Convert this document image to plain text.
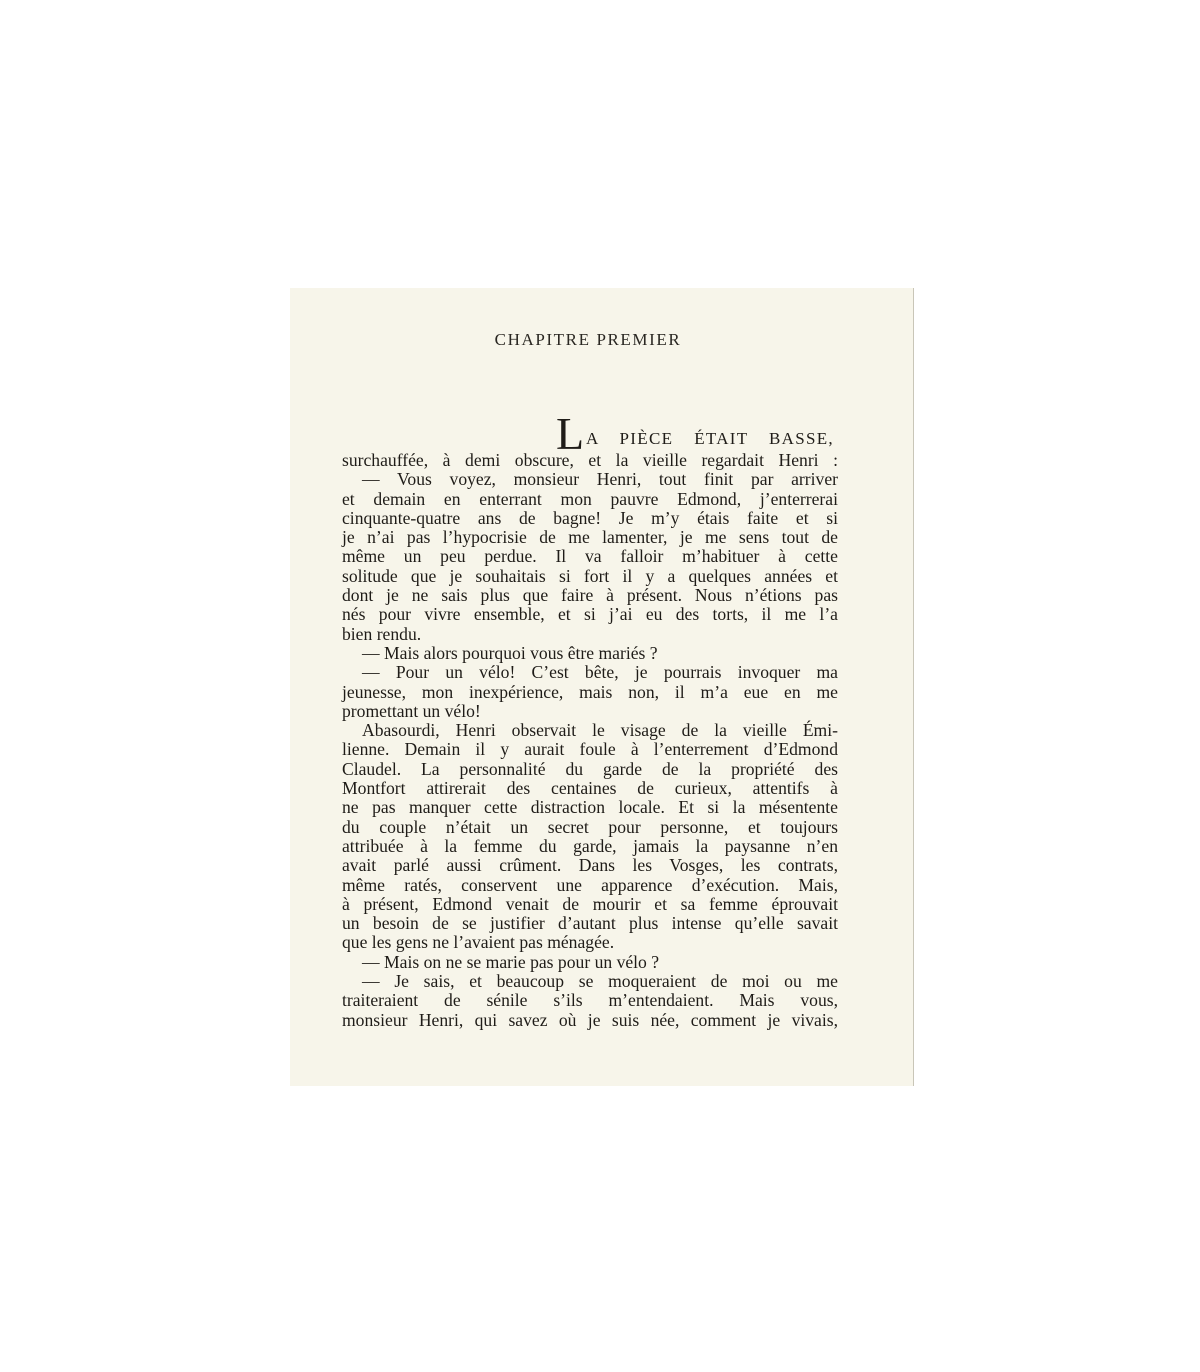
CHAPITRE PREMIER
L A PIÈCE ÉTAIT BASSE,
surchauffée, à demi obscure, et la vieille regardait Henri :
— Vous voyez, monsieur Henri, tout finit par arriver
et demain en enterrant mon pauvre Edmond, j’enterrerai
cinquante-quatre ans de bagne! Je m’y étais faite et si
je n’ai pas l’hypocrisie de me lamenter, je me sens tout de
même un peu perdue. Il va falloir m’habituer à cette
solitude que je souhaitais si fort il y a quelques années et
dont je ne sais plus que faire à présent. Nous n’étions pas
nés pour vivre ensemble, et si j’ai eu des torts, il me l’a
bien rendu.
— Mais alors pourquoi vous être mariés ?
— Pour un vélo! C’est bête, je pourrais invoquer ma
jeunesse, mon inexpérience, mais non, il m’a eue en me
promettant un vélo!
Abasourdi, Henri observait le visage de la vieille Émi-
lienne. Demain il y aurait foule à l’enterrement d’Edmond
Claudel. La personnalité du garde de la propriété des
Montfort attirerait des centaines de curieux, attentifs à
ne pas manquer cette distraction locale. Et si la mésentente
du couple n’était un secret pour personne, et toujours
attribuée à la femme du garde, jamais la paysanne n’en
avait parlé aussi crûment. Dans les Vosges, les contrats,
même ratés, conservent une apparence d’exécution. Mais,
à présent, Edmond venait de mourir et sa femme éprouvait
un besoin de se justifier d’autant plus intense qu’elle savait
que les gens ne l’avaient pas ménagée.
— Mais on ne se marie pas pour un vélo ?
— Je sais, et beaucoup se moqueraient de moi ou me
traiteraient de sénile s’ils m’entendaient. Mais vous,
monsieur Henri, qui savez où je suis née, comment je vivais,
